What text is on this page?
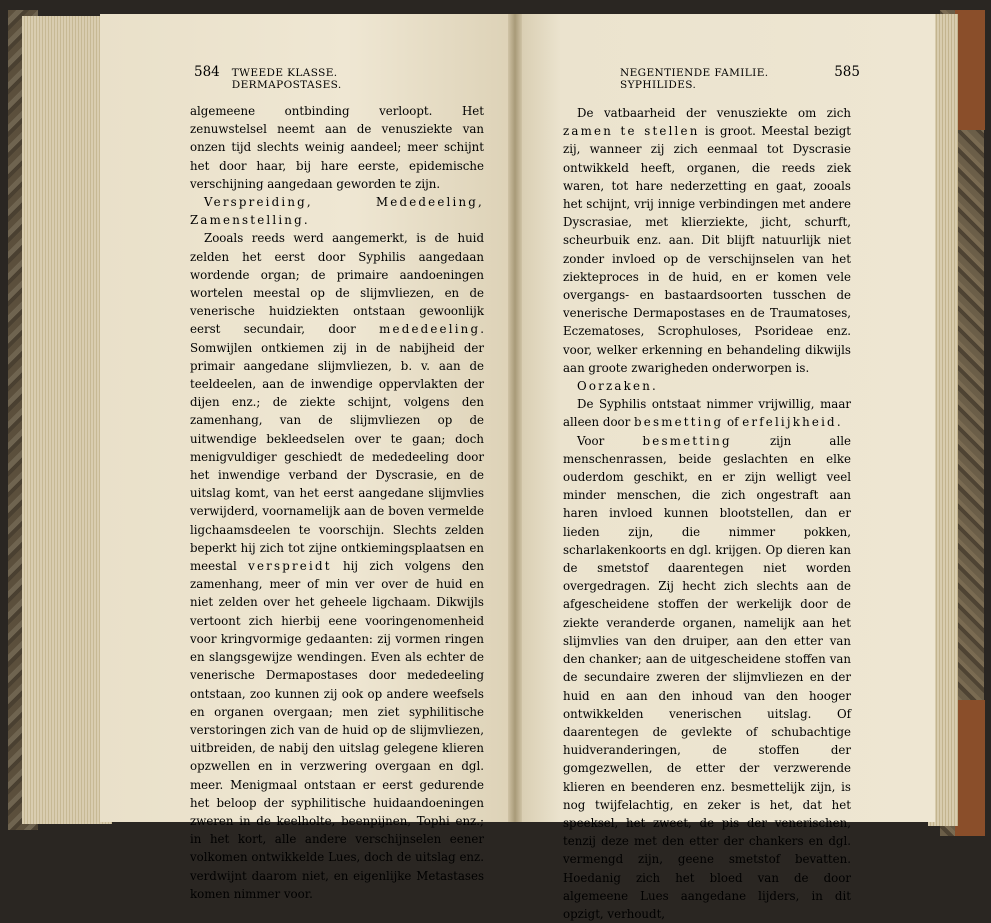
584 TWEEDE KLASSE. DERMAPOSTASES.
NEGENTIENDE FAMILIE. SYPHILIDES.
585

algemeene ontbinding verloopt. Het zenuwstelsel neemt aan de venusziekte van onzen tijd slechts weinig aandeel; meer schijnt het door haar, bij hare eerste, epidemische verschijning aangedaan geworden te zijn.

Verspreiding, Mededeeling, Zamenstelling.

Zooals reeds werd aangemerkt, is de huid zelden het eerst door Syphilis aangedaan wordende organ; de primaire aandoeningen wortelen meestal op de slijmvliezen, en de venerische huidziekten ontstaan gewoonlijk eerst secundair, door mededeeling. Somwijlen ontkiemen zij in de nabijheid der primair aangedane slijmvliezen, b. v. aan de teeldeelen, aan de inwendige oppervlakten der dijen enz.; de ziekte schijnt, volgens den zamenhang, van de slijmvliezen op de uitwendige bekleedselen over te gaan; doch menigvuldiger geschiedt de mededeeling door het inwendige verband der Dyscrasie, en de uitslag komt, van het eerst aangedane slijmvlies verwijderd, voornamelijk aan de boven vermelde ligchaamsdeelen te voorschijn. Slechts zelden beperkt hij zich tot zijne ontkiemingsplaatsen en meestal verspreidt hij zich volgens den zamenhang, meer of min ver over de huid en niet zelden over het geheele ligchaam. Dikwijls vertoont zich hierbij eene vooringenomenheid voor kringvormige gedaanten: zij vormen ringen en slangsgewijze wendingen. Even als echter de venerische Dermapostases door mededeeling ontstaan, zoo kunnen zij ook op andere weefsels en organen overgaan; men ziet syphilitische verstoringen zich van de huid op de slijmvliezen, uitbreiden, de nabij den uitslag gelegene klieren opzwellen en in verzwering overgaan en dgl. meer. Menigmaal ontstaan er eerst gedurende het beloop der syphilitische huidaandoeningen zweren in de keelholte, beenpijnen, Tophi enz.; in het kort, alle andere verschijnselen eener volkomen ontwikkelde Lues, doch de uitslag enz. verdwijnt daarom niet, en eigenlijke Metastases komen nimmer voor.

De vatbaarheid der venusziekte om zich zamen te stellen is groot. Meestal bezigt zij, wanneer zij zich eenmaal tot Dyscrasie ontwikkeld heeft, organen, die reeds ziek waren, tot hare nederzetting en gaat, zooals het schijnt, vrij innige verbindingen met andere Dyscrasiae, met klierziekte, jicht, schurft, scheurbuik enz. aan. Dit blijft natuurlijk niet zonder invloed op de verschijnselen van het ziekteproces in de huid, en er komen vele overgangs- en bastaardsoorten tusschen de venerische Dermapostases en de Traumatoses, Eczematoses, Scrophuloses, Psorideae enz. voor, welker erkenning en behandeling dikwijls aan groote zwarigheden onderworpen is.

Oorzaken.

De Syphilis ontstaat nimmer vrijwillig, maar alleen door besmetting of erfelijkheid.

Voor besmetting zijn alle menschenrassen, beide geslachten en elke ouderdom geschikt, en er zijn welligt veel minder menschen, die zich ongestraft aan haren invloed kunnen blootstellen, dan er lieden zijn, die nimmer pokken, scharlakenkoorts en dgl. krijgen. Op dieren kan de smetstof daarentegen niet worden overgedragen. Zij hecht zich slechts aan de afgescheidene stoffen der werkelijk door de ziekte veranderde organen, namelijk aan het slijmvlies van den druiper, aan den etter van den chanker; aan de uitgescheidene stoffen van de secundaire zweren der slijmvliezen en der huid en aan den inhoud van den hooger ontwikkelden venerischen uitslag. Of daarentegen de gevlekte of schubachtige huidveranderingen, de stoffen der gomgezwellen, de etter der verzwerende klieren en beenderen enz. besmettelijk zijn, is nog twijfelachtig, en zeker is het, dat het speeksel, het zweet, de pis der venerischen, tenzij deze met den etter der chankers en dgl. vermengd zijn, geene smetstof bevatten. Hoedanig zich het bloed van de door algemeene Lues aangedane lijders, in dit opzigt, verhoudt,
